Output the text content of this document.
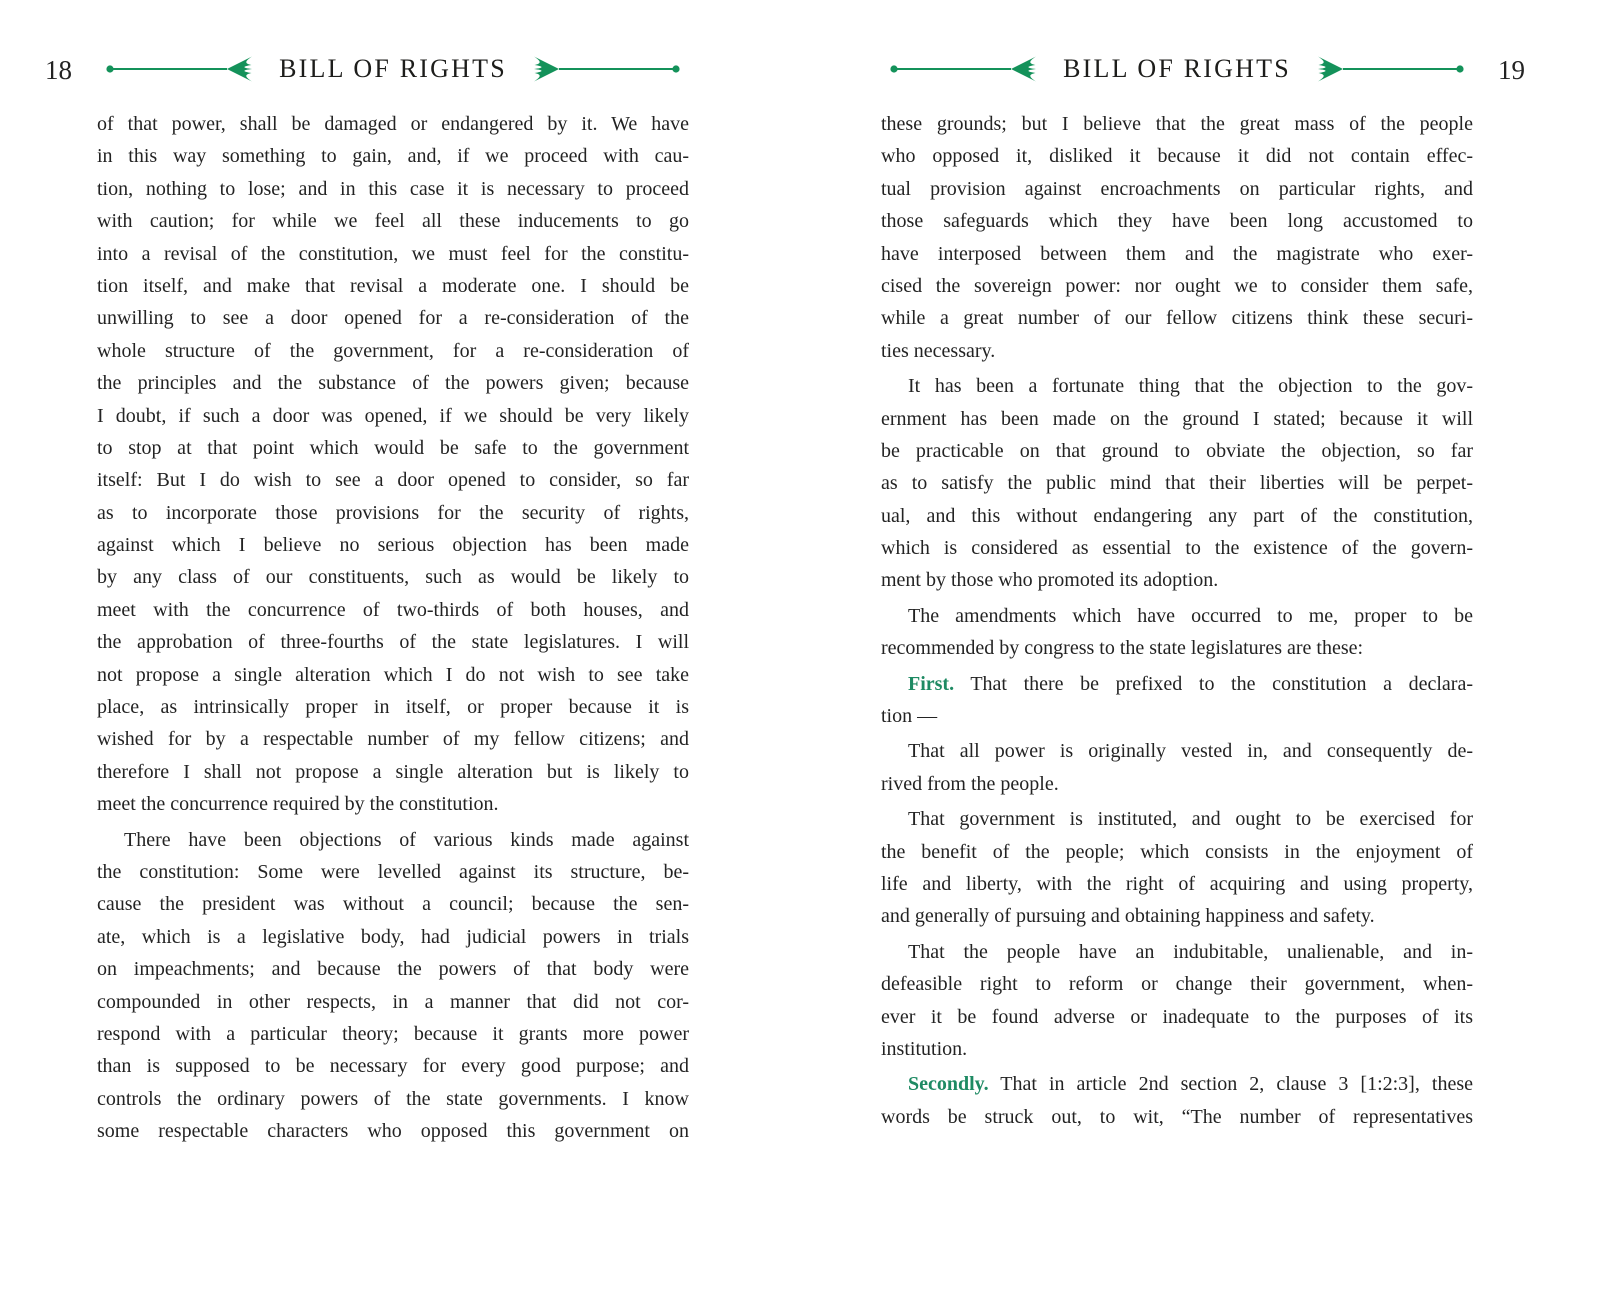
18	BILL OF RIGHTS
of that power, shall be damaged or endangered by it. We have
in this way something to gain, and, if we proceed with cau-
tion, nothing to lose; and in this case it is necessary to proceed
with caution; for while we feel all these inducements to go
into a revisal of the constitution, we must feel for the constitu-
tion itself, and make that revisal a moderate one. I should be
unwilling to see a door opened for a re-consideration of the
whole structure of the government, for a re-consideration of
the principles and the substance of the powers given; because
I doubt, if such a door was opened, if we should be very likely
to stop at that point which would be safe to the government
itself: But I do wish to see a door opened to consider, so far
as to incorporate those provisions for the security of rights,
against which I believe no serious objection has been made
by any class of our constituents, such as would be likely to
meet with the concurrence of two-thirds of both houses, and
the approbation of three-fourths of the state legislatures. I will
not propose a single alteration which I do not wish to see take
place, as intrinsically proper in itself, or proper because it is
wished for by a respectable number of my fellow citizens; and
therefore I shall not propose a single alteration but is likely to
meet the concurrence required by the constitution.
There have been objections of various kinds made against
the constitution: Some were levelled against its structure, be-
cause the president was without a council; because the sen-
ate, which is a legislative body, had judicial powers in trials
on impeachments; and because the powers of that body were
compounded in other respects, in a manner that did not cor-
respond with a particular theory; because it grants more power
than is supposed to be necessary for every good purpose; and
controls the ordinary powers of the state governments. I know
some respectable characters who opposed this government on
BILL OF RIGHTS	19
these grounds; but I believe that the great mass of the people
who opposed it, disliked it because it did not contain effec-
tual provision against encroachments on particular rights, and
those safeguards which they have been long accustomed to
have interposed between them and the magistrate who exer-
cised the sovereign power: nor ought we to consider them safe,
while a great number of our fellow citizens think these securi-
ties necessary.
It has been a fortunate thing that the objection to the gov-
ernment has been made on the ground I stated; because it will
be practicable on that ground to obviate the objection, so far
as to satisfy the public mind that their liberties will be perpet-
ual, and this without endangering any part of the constitution,
which is considered as essential to the existence of the govern-
ment by those who promoted its adoption.
The amendments which have occurred to me, proper to be
recommended by congress to the state legislatures are these:
First. That there be prefixed to the constitution a declara-
tion —
That all power is originally vested in, and consequently de-
rived from the people.
That government is instituted, and ought to be exercised for
the benefit of the people; which consists in the enjoyment of
life and liberty, with the right of acquiring and using property,
and generally of pursuing and obtaining happiness and safety.
That the people have an indubitable, unalienable, and in-
defeasible right to reform or change their government, when-
ever it be found adverse or inadequate to the purposes of its
institution.
Secondly. That in article 2nd section 2, clause 3 [1:2:3], these
words be struck out, to wit, “The number of representatives
